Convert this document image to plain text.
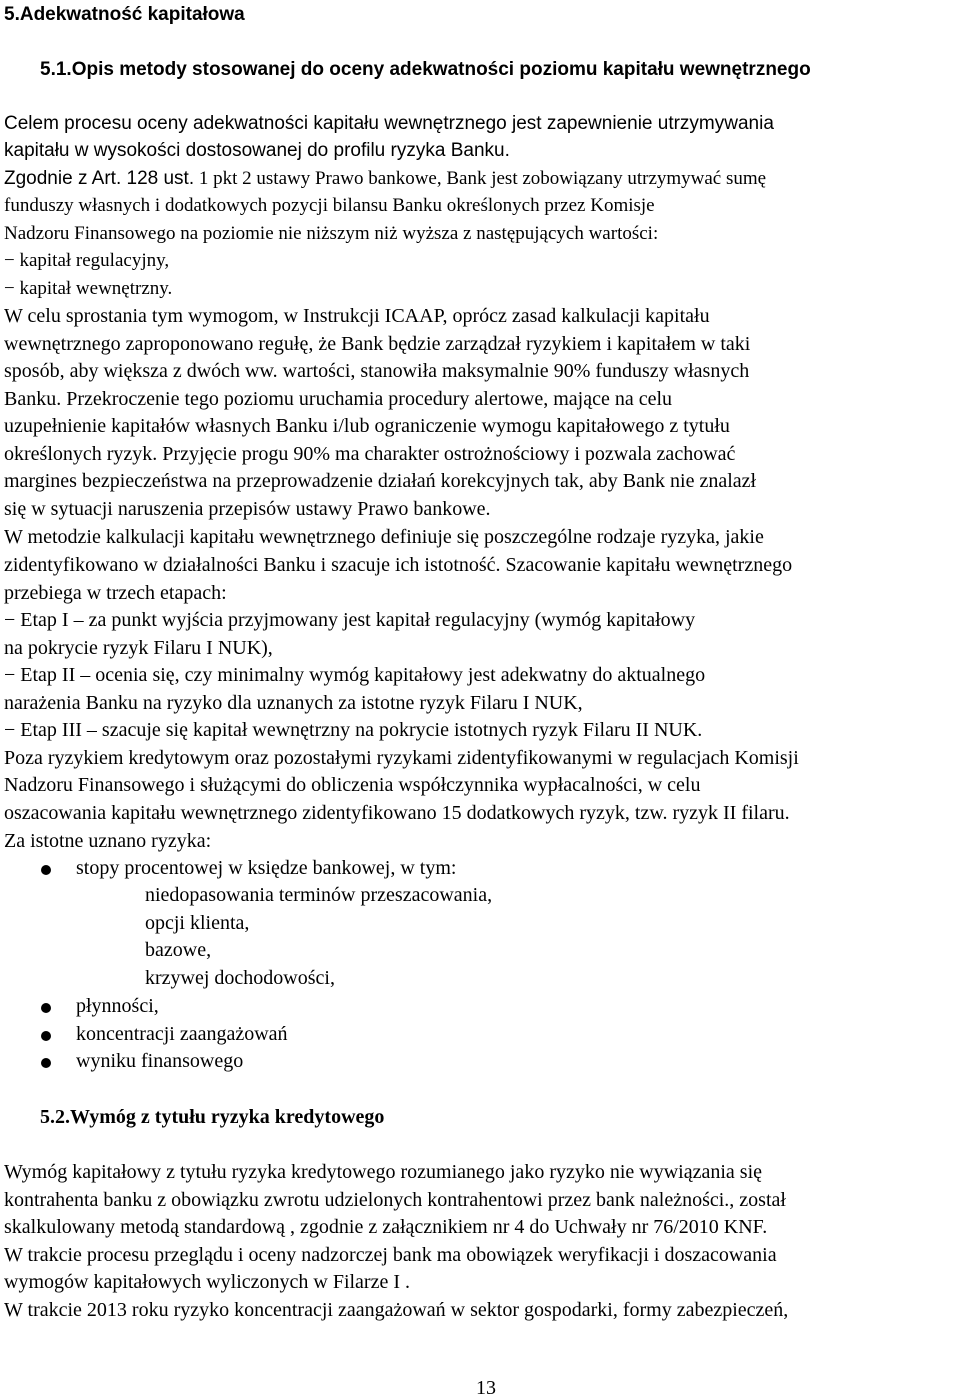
5.Adekwatność kapitałowa
5.1.Opis metody stosowanej do oceny adekwatności poziomu kapitału wewnętrznego
Celem procesu oceny adekwatności kapitału wewnętrznego jest zapewnienie utrzymywania
kapitału w wysokości dostosowanej do profilu ryzyka Banku.
Zgodnie z Art. 128 ust. 1 pkt 2 ustawy Prawo bankowe, Bank jest zobowiązany utrzymywać sumę
funduszy własnych i dodatkowych pozycji bilansu Banku określonych przez Komisje
Nadzoru Finansowego na poziomie nie niższym niż wyższa z następujących wartości:
− kapitał regulacyjny,
− kapitał wewnętrzny.
W celu sprostania tym wymogom, w Instrukcji ICAAP, oprócz zasad kalkulacji kapitału
wewnętrznego zaproponowano regułę, że Bank będzie zarządzał ryzykiem i kapitałem w taki
sposób, aby większa z dwóch ww. wartości, stanowiła maksymalnie 90% funduszy własnych
Banku. Przekroczenie tego poziomu uruchamia procedury alertowe, mające na celu
uzupełnienie kapitałów własnych Banku i/lub ograniczenie wymogu kapitałowego z tytułu
określonych ryzyk. Przyjęcie progu 90% ma charakter ostrożnościowy i pozwala zachować
margines bezpieczeństwa na przeprowadzenie działań korekcyjnych tak, aby Bank nie znalazł
się w sytuacji naruszenia przepisów ustawy Prawo bankowe.
W metodzie kalkulacji kapitału wewnętrznego definiuje się poszczególne rodzaje ryzyka, jakie
zidentyfikowano w działalności Banku i szacuje ich istotność. Szacowanie kapitału wewnętrznego
przebiega w trzech etapach:
− Etap I – za punkt wyjścia przyjmowany jest kapitał regulacyjny (wymóg kapitałowy
na pokrycie ryzyk Filaru I NUK),
− Etap II – ocenia się, czy minimalny wymóg kapitałowy jest adekwatny do aktualnego
narażenia Banku na ryzyko dla uznanych za istotne ryzyk Filaru I NUK,
− Etap III – szacuje się kapitał wewnętrzny na pokrycie istotnych ryzyk Filaru II NUK.
Poza ryzykiem kredytowym oraz pozostałymi ryzykami zidentyfikowanymi w regulacjach Komisji
Nadzoru Finansowego i służącymi do obliczenia współczynnika wypłacalności, w celu
oszacowania kapitału wewnętrznego zidentyfikowano 15 dodatkowych ryzyk, tzw. ryzyk II filaru.
Za istotne uznano ryzyka:
stopy procentowej w księdze bankowej, w tym:
niedopasowania terminów przeszacowania,
opcji klienta,
bazowe,
krzywej dochodowości,
płynności,
koncentracji zaangażowań
wyniku finansowego
5.2.Wymóg z tytułu ryzyka kredytowego
Wymóg kapitałowy z tytułu ryzyka kredytowego rozumianego jako ryzyko nie wywiązania się
kontrahenta banku z obowiązku zwrotu udzielonych kontrahentowi przez bank należności., został
skalkulowany metodą standardową , zgodnie z załącznikiem nr 4 do Uchwały nr 76/2010 KNF.
W trakcie procesu przeglądu i oceny nadzorczej bank ma obowiązek weryfikacji i doszacowania
wymogów kapitałowych wyliczonych w Filarze I .
W trakcie 2013 roku ryzyko koncentracji zaangażowań w sektor gospodarki, formy zabezpieczeń,
13
